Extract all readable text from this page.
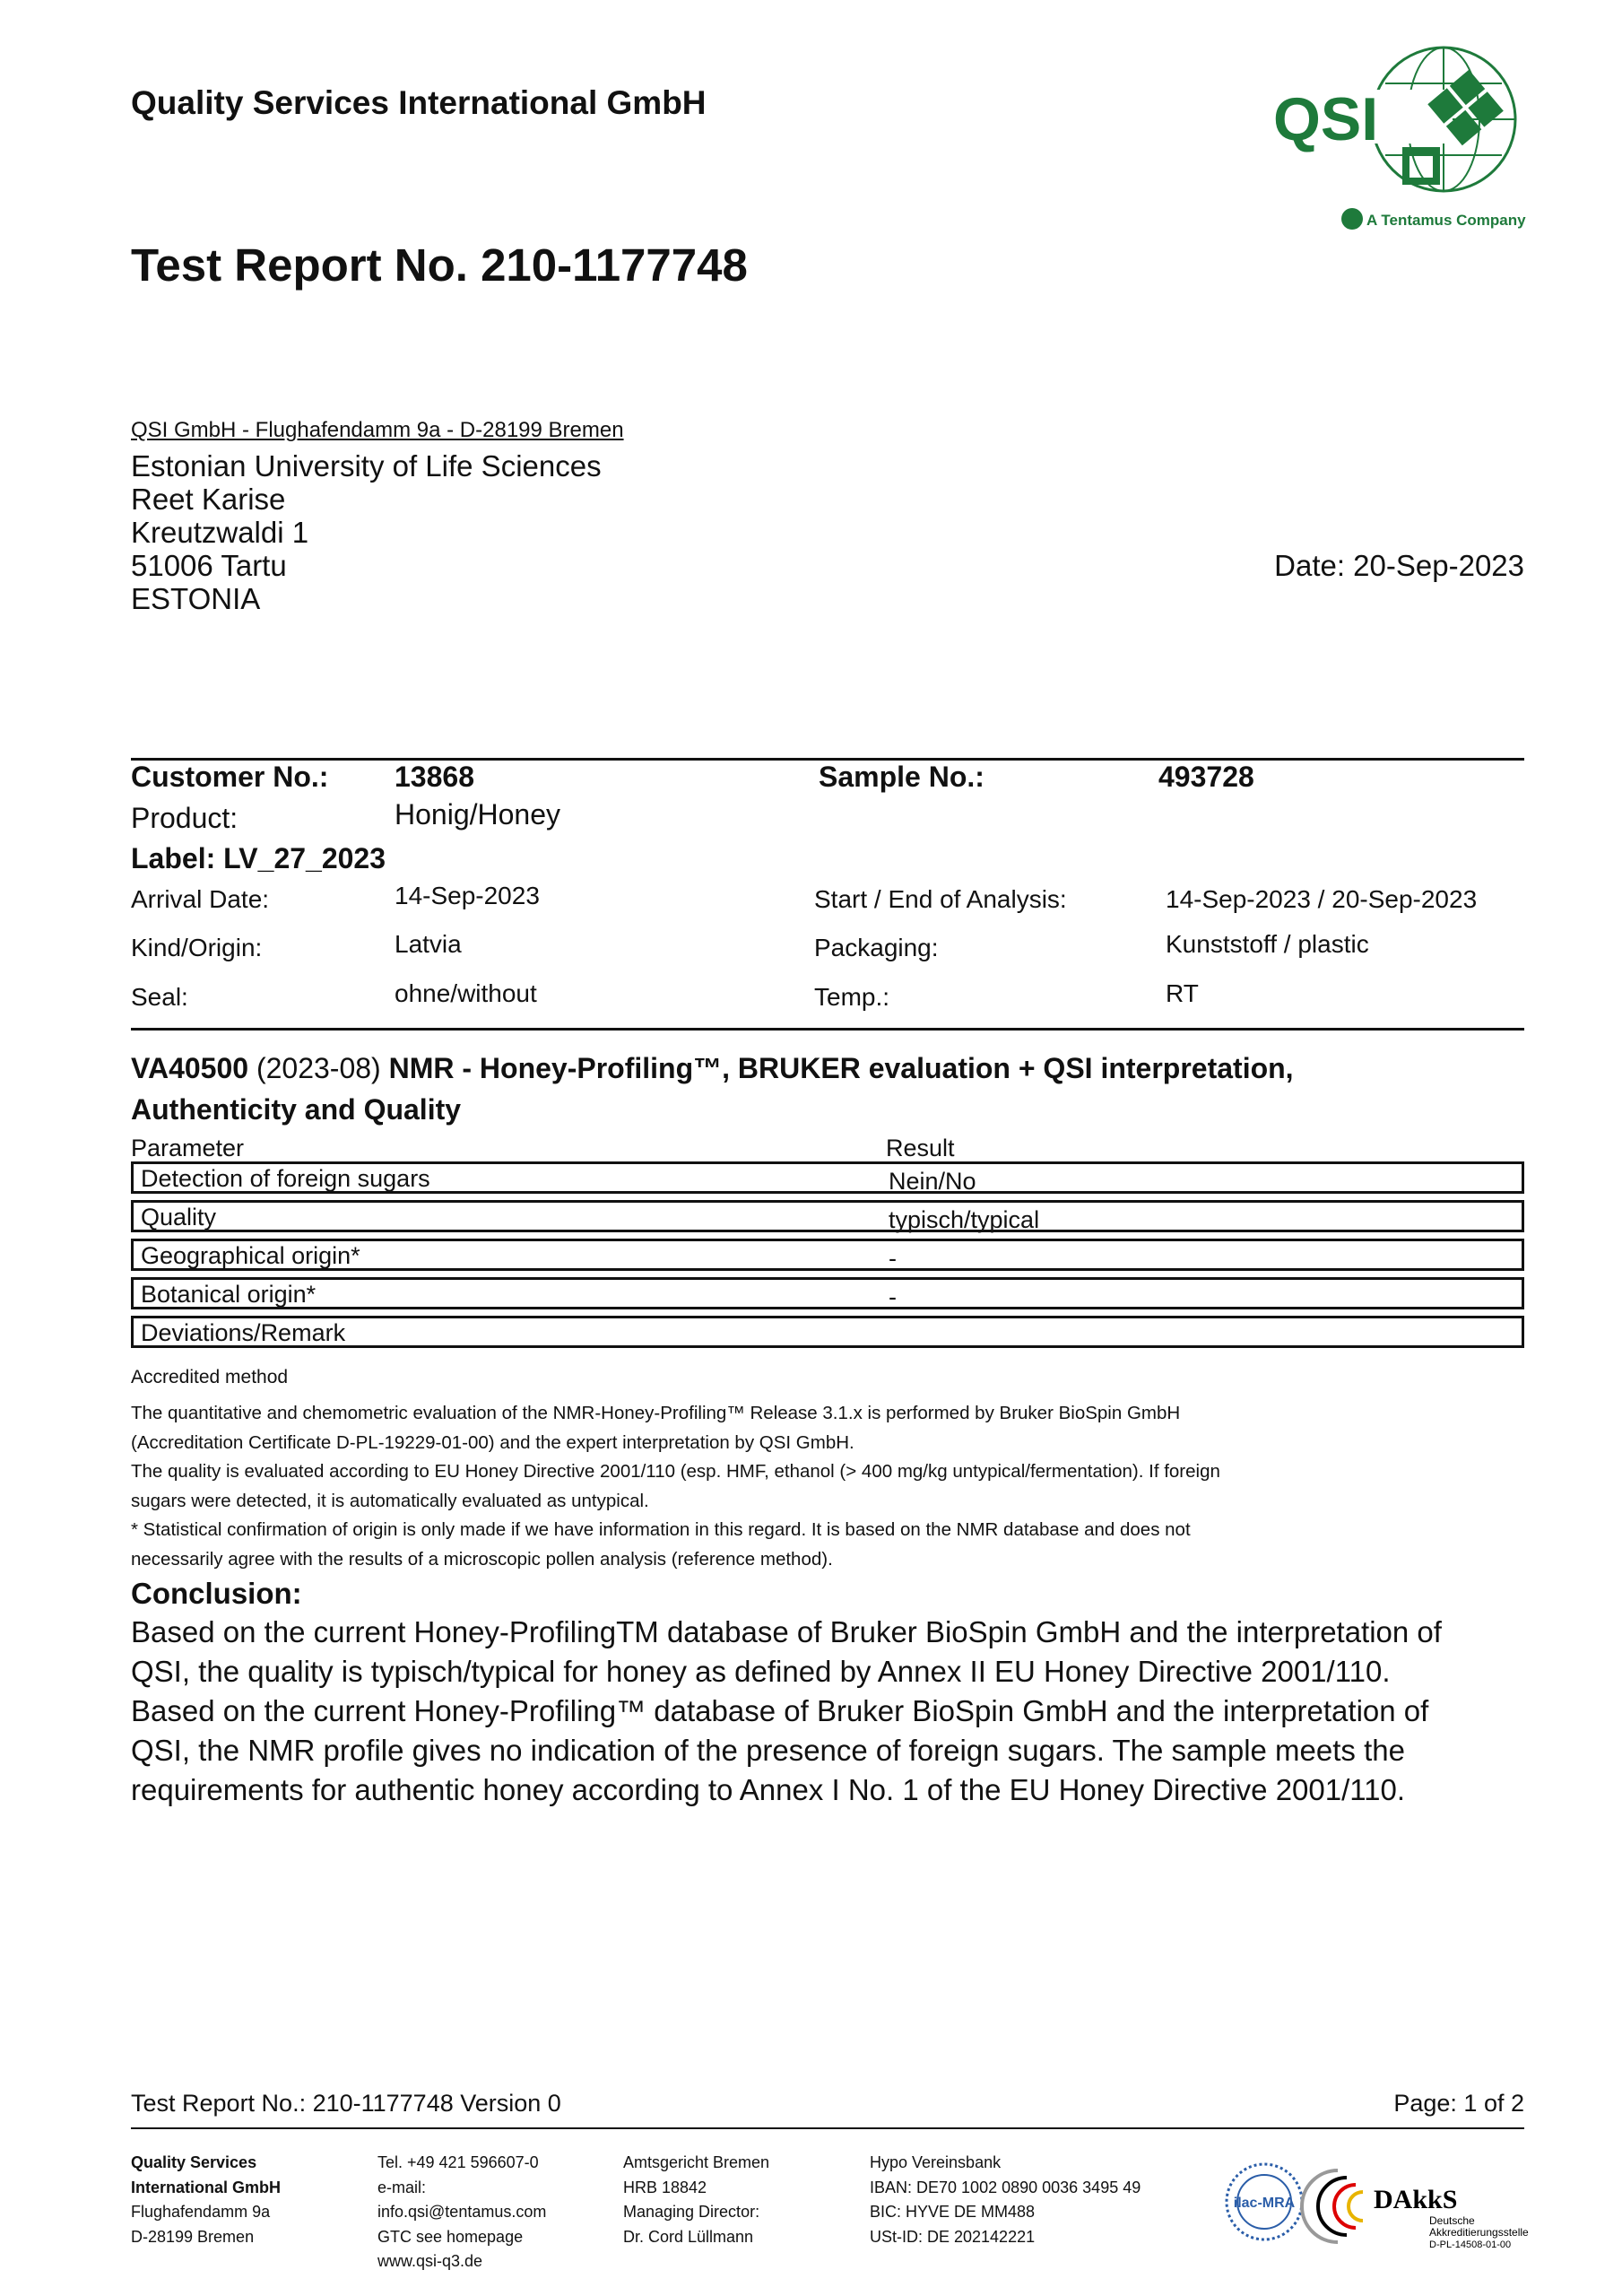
Quality Services International GmbH
Test Report No. 210-1177748
QSI
A Tentamus Company
QSI GmbH - Flughafendamm 9a - D-28199 Bremen
Estonian University of Life Sciences
Reet Karise
Kreutzwaldi 1
51006 Tartu
ESTONIA
Date: 20-Sep-2023
Customer No.: 13868	Sample No.:	493728
Product:	Honig/Honey
Label: LV_27_2023
Arrival Date:	14-Sep-2023	Start / End of Analysis:	14-Sep-2023 / 20-Sep-2023
Kind/Origin:	Latvia	Packaging:	Kunststoff / plastic
Seal:	ohne/without	Temp.:	RT
VA40500 (2023-08) NMR - Honey-Profiling™, BRUKER evaluation + QSI interpretation,
Authenticity and Quality
Parameter	Result
Detection of foreign sugars	Nein/No
Quality	typisch/typical
Geographical origin*	-
Botanical origin*	-
Deviations/Remark
Accredited method
The quantitative and chemometric evaluation of the NMR-Honey-Profiling™ Release 3.1.x is performed by Bruker BioSpin GmbH
(Accreditation Certificate D-PL-19229-01-00) and the expert interpretation by QSI GmbH.
The quality is evaluated according to EU Honey Directive 2001/110 (esp. HMF, ethanol (> 400 mg/kg untypical/fermentation). If foreign
sugars were detected, it is automatically evaluated as untypical.
* Statistical confirmation of origin is only made if we have information in this regard. It is based on the NMR database and does not
necessarily agree with the results of a microscopic pollen analysis (reference method).
Conclusion:
Based on the current Honey-ProfilingTM database of Bruker BioSpin GmbH and the interpretation of
QSI, the quality is typisch/typical for honey as defined by Annex II EU Honey Directive 2001/110.
Based on the current Honey-Profiling™ database of Bruker BioSpin GmbH and the interpretation of
QSI, the NMR profile gives no indication of the presence of foreign sugars. The sample meets the
requirements for authentic honey according to Annex I No. 1 of the EU Honey Directive 2001/110.
Test Report No.: 210-1177748 Version 0	Page: 1 of 2
Quality Services
International GmbH
Flughafendamm 9a
D-28199 Bremen
Tel. +49 421 596607-0
e-mail:
info.qsi@tentamus.com
GTC see homepage
www.qsi-q3.de
Amtsgericht Bremen
HRB 18842
Managing Director:
Dr. Cord Lüllmann
Hypo Vereinsbank
IBAN: DE70 1002 0890 0036 3495 49
BIC: HYVE DE MM488
USt-ID: DE 202142221
ilac-MRA	DAkkS
Deutsche
Akkreditierungsstelle
D-PL-14508-01-00
